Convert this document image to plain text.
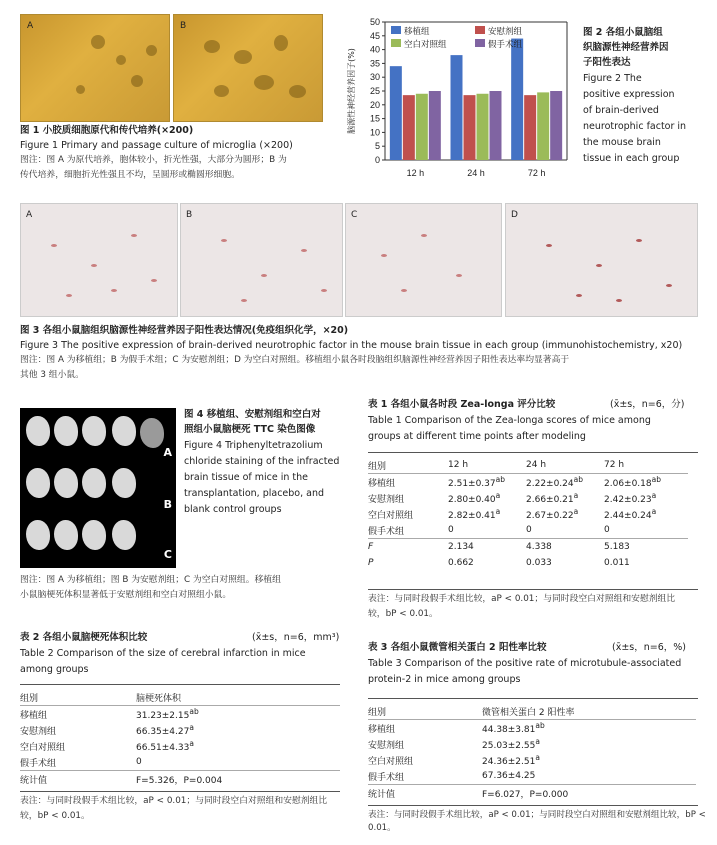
A	B
图 1 小胶质细胞原代和传代培养(×200)
Figure 1 Primary and passage culture of microglia (×200)
图注：图 A 为原代培养，胞体较小，折光性强，大部分为圆形；B 为
传代培养，细胞折光性强且不均，呈圆形或椭圆形细胞。
0
5
10
15
20
25
30
35
40
45
50
脑源性神经营养因子(%)
12 h	24 h	72 h
移植组	安慰剂组
空白对照组	假手术组
图 2 各组小鼠脑组
织脑源性神经营养因
子阳性表达
Figure 2 The
positive expression
of brain-derived
neurotrophic factor in
the mouse brain
tissue in each group
A	B	C	D
图 3 各组小鼠脑组织脑源性神经营养因子阳性表达情况(免疫组织化学，×20)
Figure 3 The positive expression of brain-derived neurotrophic factor in the mouse brain tissue in each group (immunohistochemistry, x20)
图注：图 A 为移植组；B 为假手术组；C 为安慰剂组；D 为空白对照组。移植组小鼠各时段脑组织脑源性神经营养因子阳性表达率均显著高于
其他 3 组小鼠。
A
B
C
图 4 移植组、安慰剂组和空白对
照组小鼠脑梗死 TTC 染色图像
Figure 4 Triphenyltetrazolium
chloride staining of the infracted
brain tissue of mice in the
transplantation, placebo, and
blank control groups
图注：图 A 为移植组；图 B 为安慰剂组；C 为空白对照组。移植组
小鼠脑梗死体积显著低于安慰剂组和空白对照组小鼠。
表 1 各组小鼠各时段 Zea-longa 评分比较	(x̄±s，n=6，分)
Table 1 Comparison of the Zea-longa scores of mice among
groups at different time points after modeling
组别	12 h	24 h	72 h
移植组	2.51±0.37$^{ab}$	2.22±0.24$^{ab}$	2.06±0.18$^{ab}$
安慰剂组	2.80±0.40$^a$	2.66±0.21$^a$	2.42±0.23$^a$
空白对照组	2.82±0.41$^a$	2.67±0.22$^a$	2.44±0.24$^a$
假手术组	0	0	0
F	2.134	4.338	5.183
P	0.662	0.033	0.011
表注：与同时段假手术组比较，aP < 0.01；与同时段空白对照组和安慰剂组比
较，bP < 0.01。
表 2 各组小鼠脑梗死体积比较	(x̄±s，n=6，mm³)
Table 2 Comparison of the size of cerebral infarction in mice
among groups
组别	脑梗死体积
移植组	31.23±2.15$^{ab}$
安慰剂组	66.35±4.27$^a$
空白对照组	66.51±4.33$^a$
假手术组	0
统计值	F=5.326，P=0.004
表注：与同时段假手术组比较，aP < 0.01；与同时段空白对照组和安慰剂组比
较，bP < 0.01。
表 3 各组小鼠微管相关蛋白 2 阳性率比较	(x̄±s，n=6，%)
Table 3 Comparison of the positive rate of microtubule-associated
protein-2 in mice among groups
组别	微管相关蛋白 2 阳性率
移植组	44.38±3.81$^{ab}$
安慰剂组	25.03±2.55$^a$
空白对照组	24.36±2.51$^a$
假手术组	67.36±4.25
统计值	F=6.027，P=0.000
表注：与同时段假手术组比较，aP < 0.01；与同时段空白对照组和安慰剂组比较，bP < 0.01。
